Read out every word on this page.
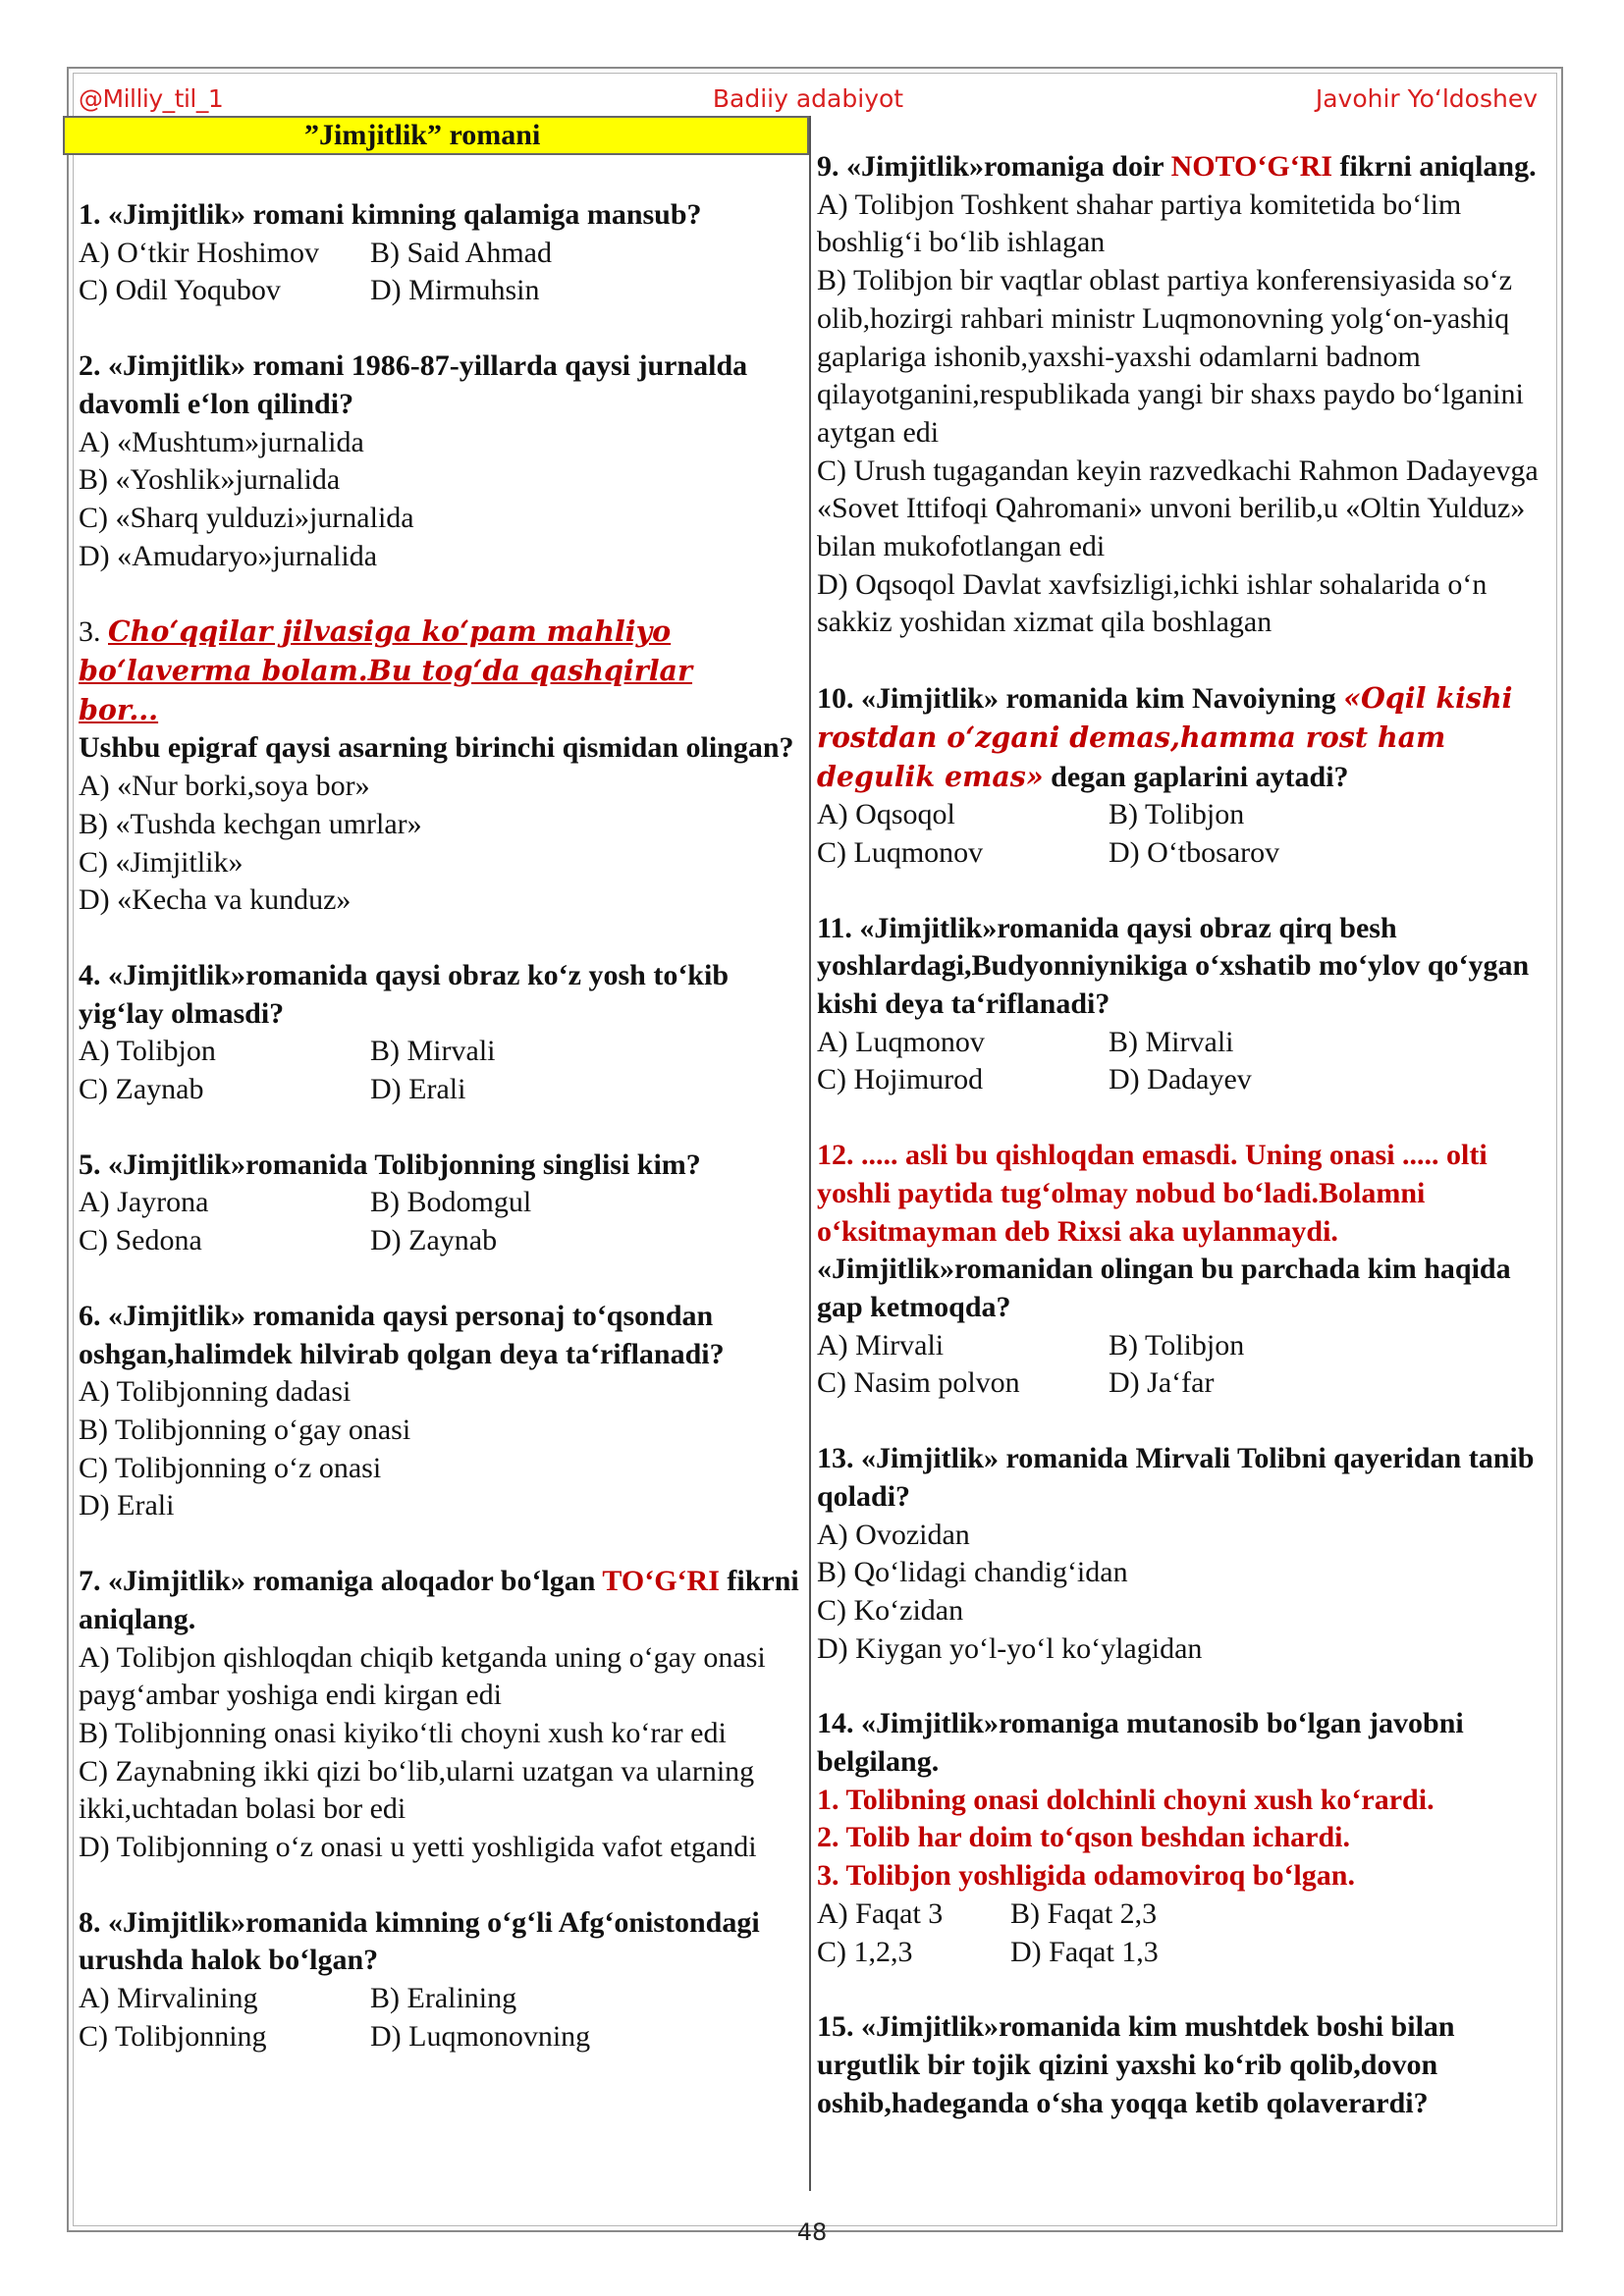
@Milliy_til_1	Badiiy adabiyot	Javohir Yo‘ldoshev
”Jimjitlik” romani
1. «Jimjitlik» romani kimning qalamiga mansub?
A) O‘tkir Hoshimov	B) Said Ahmad
C) Odil Yoqubov	D) Mirmuhsin
2. «Jimjitlik» romani 1986-87-yillarda qaysi jurnalda davomli e‘lon qilindi?
A) «Mushtum»jurnalida
B) «Yoshlik»jurnalida
C) «Sharq yulduzi»jurnalida
D) «Amudaryo»jurnalida
3. Cho‘qqilar jilvasiga ko‘pam mahliyo bo‘laverma bolam.Bu tog‘da qashqirlar bor...
Ushbu epigraf qaysi asarning birinchi qismidan olingan?
A) «Nur borki,soya bor»
B) «Tushda kechgan umrlar»
C) «Jimjitlik»
D) «Kecha va kunduz»
4. «Jimjitlik»romanida qaysi obraz ko‘z yosh to‘kib yig‘lay olmasdi?
A) Tolibjon	B) Mirvali
C) Zaynab	D) Erali
5. «Jimjitlik»romanida Tolibjonning singlisi kim?
A) Jayrona	B) Bodomgul
C) Sedona	D) Zaynab
6. «Jimjitlik» romanida qaysi personaj to‘qsondan oshgan,halimdek hilvirab qolgan deya ta‘riflanadi?
A) Tolibjonning dadasi
B) Tolibjonning o‘gay onasi
C) Tolibjonning o‘z onasi
D) Erali
7. «Jimjitlik» romaniga aloqador bo‘lgan TO‘G‘RI fikrni aniqlang.
A) Tolibjon qishloqdan chiqib ketganda uning o‘gay onasi payg‘ambar yoshiga endi kirgan edi
B) Tolibjonning onasi kiyiko‘tli choyni xush ko‘rar edi
C) Zaynabning ikki qizi bo‘lib,ularni uzatgan va ularning ikki,uchtadan bolasi bor edi
D) Tolibjonning o‘z onasi u yetti yoshligida vafot etgandi
8. «Jimjitlik»romanida kimning o‘g‘li Afg‘onistondagi urushda halok bo‘lgan?
A) Mirvalining	B) Eralining
C) Tolibjonning	D) Luqmonovning
9. «Jimjitlik»romaniga doir NOTO‘G‘RI fikrni aniqlang.
A) Tolibjon Toshkent shahar partiya komitetida bo‘lim boshlig‘i bo‘lib ishlagan
B) Tolibjon bir vaqtlar oblast partiya konferensiyasida so‘z olib,hozirgi rahbari ministr Luqmonovning yolg‘on-yashiq gaplariga ishonib,yaxshi-yaxshi odamlarni badnom qilayotganini,respublikada yangi bir shaxs paydo bo‘lganini aytgan edi
C) Urush tugagandan keyin razvedkachi Rahmon Dadayevga «Sovet Ittifoqi Qahromani» unvoni berilib,u «Oltin Yulduz» bilan mukofotlangan edi
D) Oqsoqol Davlat xavfsizligi,ichki ishlar sohalarida o‘n sakkiz yoshidan xizmat qila boshlagan
10. «Jimjitlik» romanida kim Navoiyning «Oqil kishi rostdan o‘zgani demas,hamma rost ham degulik emas» degan gaplarini aytadi?
A) Oqsoqol	B) Tolibjon
C) Luqmonov	D) O‘tbosarov
11. «Jimjitlik»romanida qaysi obraz qirq besh yoshlardagi,Budyonniynikiga o‘xshatib mo‘ylov qo‘ygan kishi deya ta‘riflanadi?
A) Luqmonov	B) Mirvali
C) Hojimurod	D) Dadayev
12. ..... asli bu qishloqdan emasdi. Uning onasi ..... olti yoshli paytida tug‘olmay nobud bo‘ladi.Bolamni o‘ksitmayman deb Rixsi aka uylanmaydi.
«Jimjitlik»romanidan olingan bu parchada kim haqida gap ketmoqda?
A) Mirvali	B) Tolibjon
C) Nasim polvon	D) Ja‘far
13. «Jimjitlik» romanida Mirvali Tolibni qayeridan tanib qoladi?
A) Ovozidan
B) Qo‘lidagi chandig‘idan
C) Ko‘zidan
D) Kiygan yo‘l-yo‘l ko‘ylagidan
14. «Jimjitlik»romaniga mutanosib bo‘lgan javobni belgilang.
1. Tolibning onasi dolchinli choyni xush ko‘rardi.
2. Tolib har doim to‘qson beshdan ichardi.
3. Tolibjon yoshligida odamoviroq bo‘lgan.
A) Faqat 3	B) Faqat 2,3
C) 1,2,3	D) Faqat 1,3
15. «Jimjitlik»romanida kim mushtdek boshi bilan urgutlik bir tojik qizini yaxshi ko‘rib qolib,dovon oshib,hadeganda o‘sha yoqqa ketib qolaverardi?
48
